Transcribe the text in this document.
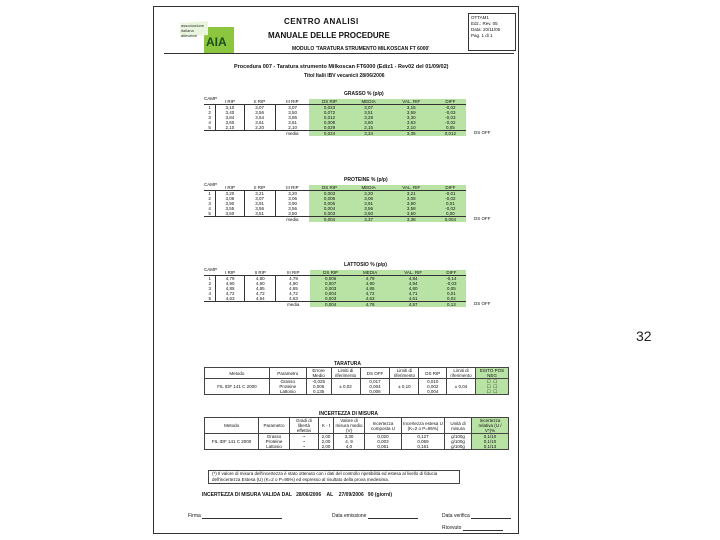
associazione
italiana
allevatori AIA
CENTRO ANALISI
MANUALE DELLE PROCEDURE
MODULO 'TARATURA STRUMENTO MILKOSCAN FT 6000'
OTTAM1
Edz.: Rev. 05
Data: 20/11/05
Pag. 1 di 1
Procedura 007 - Taratura strumento Milkoscan FT6000 (Ediz1 - Rev02 del 01/09/02)
Titol Italii IBV vecanicii 28/06/2006
GRASSO % (p/p)
CAMP
	I RIP	II RIP	III RIP	DS RIP	MEDIA	VAL. RIF	DIFF
1	3,10	3,07	3,07	0,023	3,07	3,15	-0,02
2	3,40	3,56	3,50	0,072	3,51	3,59	-0,03
3	3,84	3,54	3,86	0,012	3,28	3,30	-0,03
4	3,60	3,61	3,61	0,008	3,60	3,63	-0,02
5	2,10	2,20	2,10	0,029	2,15	2,10	0,05
			media	0,024	3,34	3,35	0,012	DS OFF
PROTEINE % (p/p)
CAMP
	I RIP	II RIP	III RIP	DS RIP	MEDIA	VAL. RIF	DIFF
1	3,20	3,21	3,20	0,003	3,20	3,21	-0,01
2	3,06	3,07	3,06	0,006	3,06	3,08	-0,02
3	3,90	3,91	3,90	0,005	3,91	3,90	0,01
4	3,55	3,56	3,56	0,004	3,56	3,58	-0,02
5	3,50	3,51	3,50	0,003	3,50	3,50	0,00
			media	0,004	3,37	3,38	0,004	DS OFF
LATTOSIO % (p/p)
CAMP
	I RIP	II RIP	III RIP	DS RIP	MEDIA	VAL. RIF	DIFF
1	4,79	4,80	4,79	0,006	4,79	4,84	-0,14
2	4,90	4,90	4,90	0,007	4,90	4,94	-0,03
3	4,85	4,85	4,85	0,003	4,85	4,80	0,05
4	4,72	4,72	4,72	0,004	4,72	4,71	0,01
5	4,63	4,64	4,63	0,003	4,63	4,61	0,02
			media	0,004	4,78	4,57	0,13	DS OFF
TARATURA
Metodo	Parametro	Errore Medio	Limiti di riferimento	DS OFF	Limiti di riferimento	DS RIP	Limiti di riferimento	ESITO POS NEG
	Grasso	-0,025		0,017		0,010		☐ ☐
FIL IDF 141 C 2000	Proteine	0,006	± 0,02	0,004	± 0,10	0,002	± 0,04	☐ ☐
	Lattosio	0,135		0,006		0,004		☐ ☐
INCERTEZZA DI MISURA
Metodo	Parametro	Gradi di libertà effettivi	K - t	Valore di misura medio (V)	Incertezza composta U	Incertezza estesa U (K=2 o P=95%)	Unità di misura	Incertezza relativa (U / V*)%
	Grasso	~	2,00	3,30	0,020	0,127	g/100g	0,1/10
FIL IDF 141 C 2000	Proteine	~	2,00	4, 9	0,003	0,069	g/100g	0,1/10
	Lattosio	~	2,00	4,0	0,061	0,161	g/100g	0,1/13
(*) Il valore di misura dell'incertezza è stato ottenuto con i dati del controllo ripetibilità ed estesa al livello di fiducia dell'incertezza Estesa (U) (K=2 o P=95%) ed espresso al risultato della prova medesima.
INCERTEZZA DI MISURA VALIDA DAL 28/06/2006 AL 27/09/2006 90 (giorni)
Firma	Data emissione	Data verifica
Ricevuto
32
